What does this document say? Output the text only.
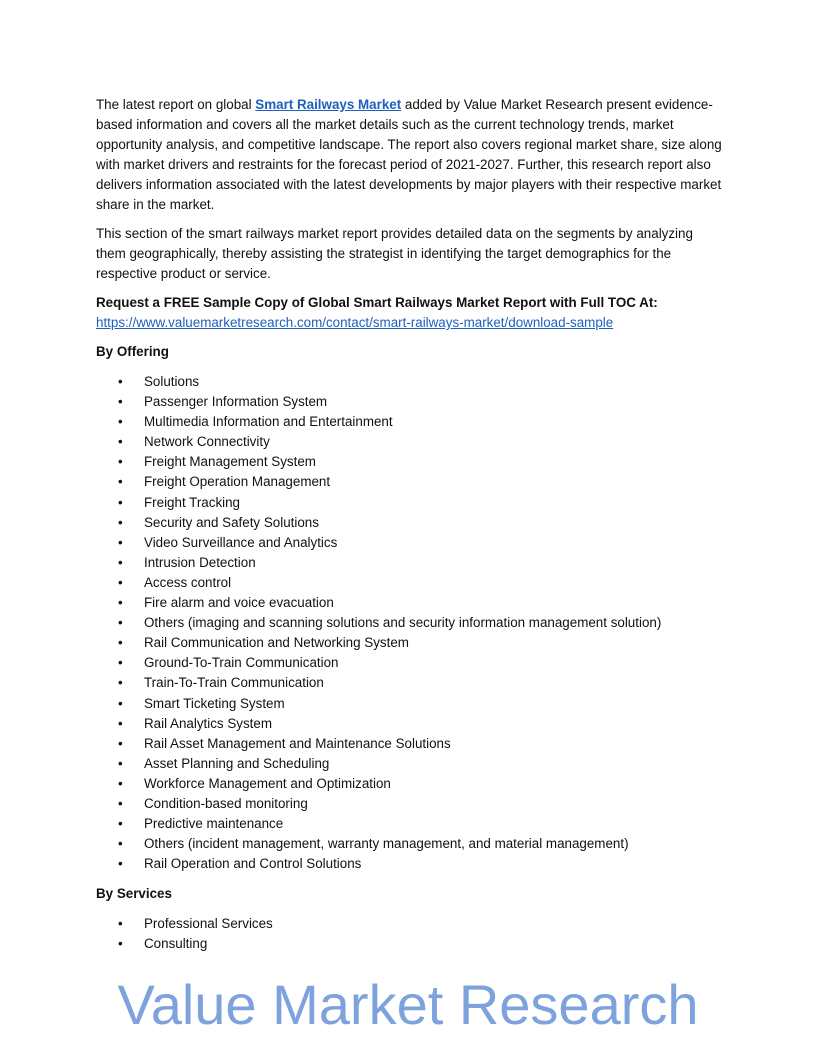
The latest report on global Smart Railways Market added by Value Market Research present evidence-based information and covers all the market details such as the current technology trends, market opportunity analysis, and competitive landscape. The report also covers regional market share, size along with market drivers and restraints for the forecast period of 2021-2027. Further, this research report also delivers information associated with the latest developments by major players with their respective market share in the market.

This section of the smart railways market report provides detailed data on the segments by analyzing them geographically, thereby assisting the strategist in identifying the target demographics for the respective product or service.

Request a FREE Sample Copy of Global Smart Railways Market Report with Full TOC At:
https://www.valuemarketresearch.com/contact/smart-railways-market/download-sample

By Offering
• Solutions
• Passenger Information System
• Multimedia Information and Entertainment
• Network Connectivity
• Freight Management System
• Freight Operation Management
• Freight Tracking
• Security and Safety Solutions
• Video Surveillance and Analytics
• Intrusion Detection
• Access control
• Fire alarm and voice evacuation
• Others (imaging and scanning solutions and security information management solution)
• Rail Communication and Networking System
• Ground-To-Train Communication
• Train-To-Train Communication
• Smart Ticketing System
• Rail Analytics System
• Rail Asset Management and Maintenance Solutions
• Asset Planning and Scheduling
• Workforce Management and Optimization
• Condition-based monitoring
• Predictive maintenance
• Others (incident management, warranty management, and material management)
• Rail Operation and Control Solutions
By Services
• Professional Services
• Consulting
Value Market Research
